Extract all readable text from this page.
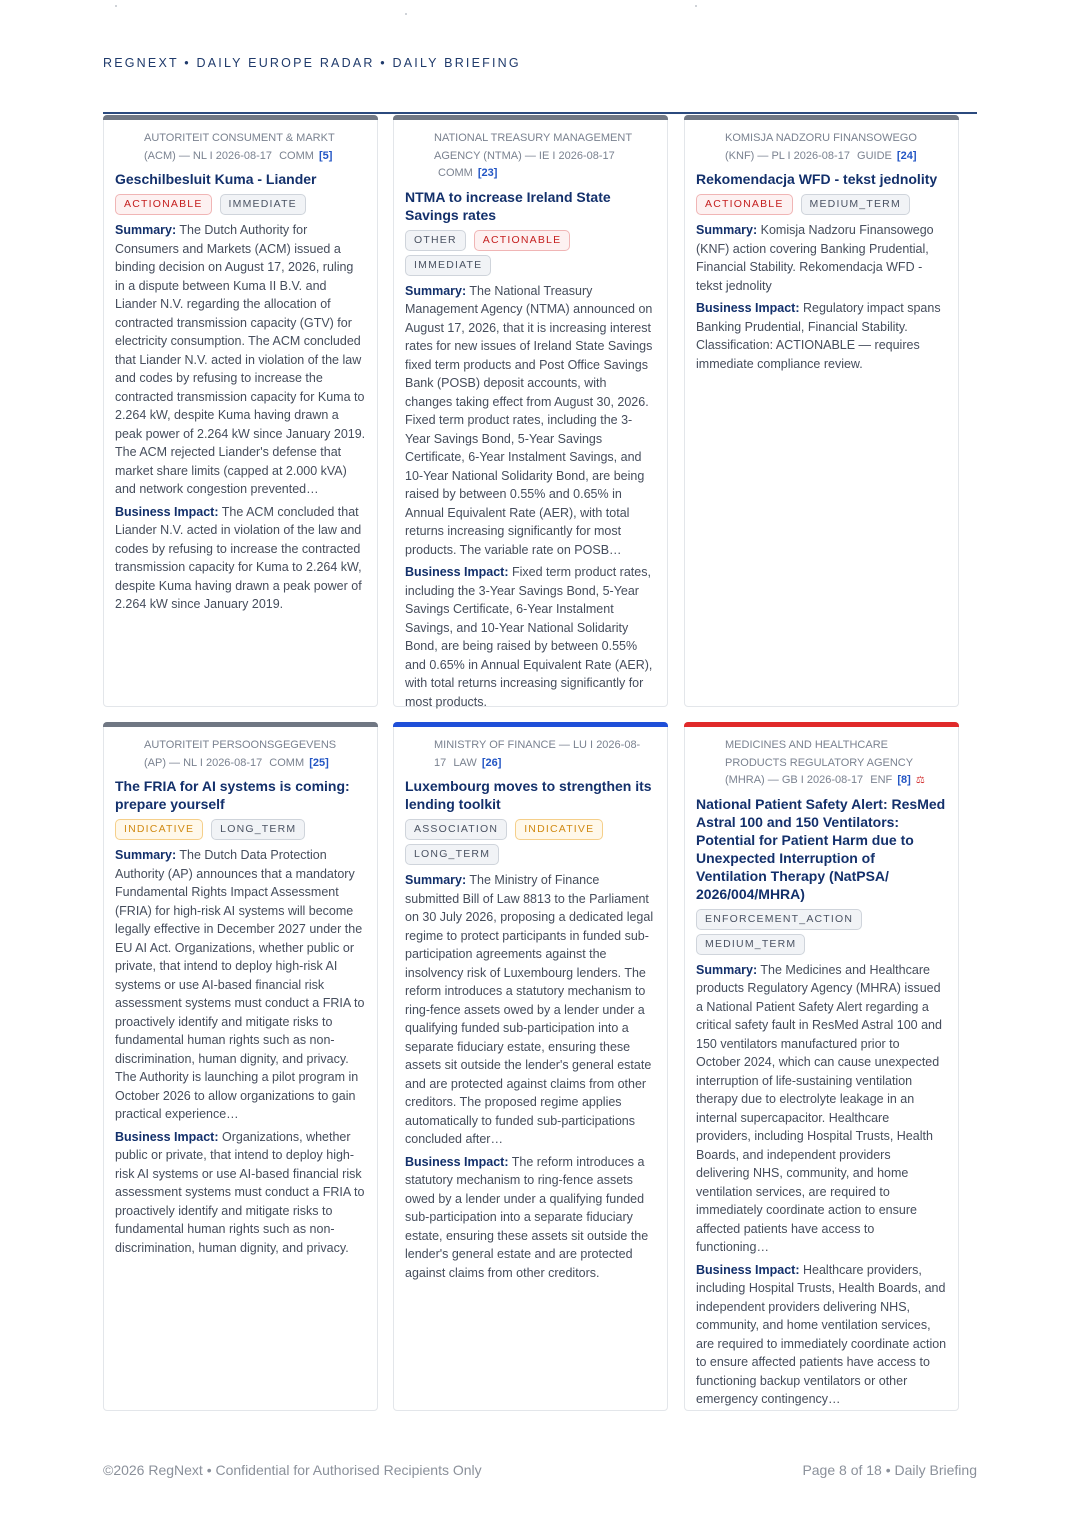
REGNEXT • DAILY EUROPE RADAR • DAILY BRIEFING
AUTORITEIT CONSUMENT & MARKT (ACM) — NL I 2026-08-17 COMM [5]
Geschilbesluit Kuma - Liander
ACTIONABLE	IMMEDIATE

Summary: The Dutch Authority for Consumers and Markets (ACM) issued a binding decision on August 17, 2026, ruling in a dispute between Kuma II B.V. and Liander N.V. regarding the allocation of contracted transmission capacity (GTV) for electricity consumption. The ACM concluded that Liander N.V. acted in violation of the law and codes by refusing to increase the contracted transmission capacity for Kuma to 2.264 kW, despite Kuma having drawn a peak power of 2.264 kW since January 2019. The ACM rejected Liander's defense that market share limits (capped at 2.000 kVA) and network congestion prevented…

Business Impact: The ACM concluded that Liander N.V. acted in violation of the law and codes by refusing to increase the contracted transmission capacity for Kuma to 2.264 kW, despite Kuma having drawn a peak power of 2.264 kW since January 2019.

NATIONAL TREASURY MANAGEMENT AGENCY (NTMA) — IE I 2026-08-17 COMM [23]
NTMA to increase Ireland State Savings rates
OTHER	ACTIONABLE
IMMEDIATE

Summary: The National Treasury Management Agency (NTMA) announced on August 17, 2026, that it is increasing interest rates for new issues of Ireland State Savings fixed term products and Post Office Savings Bank (POSB) deposit accounts, with changes taking effect from August 30, 2026. Fixed term product rates, including the 3-Year Savings Bond, 5-Year Savings Certificate, 6-Year Instalment Savings, and 10-Year National Solidarity Bond, are being raised by between 0.55% and 0.65% in Annual Equivalent Rate (AER), with total returns increasing significantly for most products. The variable rate on POSB…

Business Impact: Fixed term product rates, including the 3-Year Savings Bond, 5-Year Savings Certificate, 6-Year Instalment Savings, and 10-Year National Solidarity Bond, are being raised by between 0.55% and 0.65% in Annual Equivalent Rate (AER), with total returns increasing significantly for most products.

KOMISJA NADZORU FINANSOWEGO (KNF) — PL I 2026-08-17 GUIDE [24]
Rekomendacja WFD - tekst jednolity
ACTIONABLE	MEDIUM_TERM

Summary: Komisja Nadzoru Finansowego (KNF) action covering Banking Prudential, Financial Stability. Rekomendacja WFD - tekst jednolity

Business Impact: Regulatory impact spans Banking Prudential, Financial Stability. Classification: ACTIONABLE — requires immediate compliance review.

AUTORITEIT PERSOONSGEGEVENS (AP) — NL I 2026-08-17 COMM [25]
The FRIA for AI systems is coming: prepare yourself
INDICATIVE	LONG_TERM

Summary: The Dutch Data Protection Authority (AP) announces that a mandatory Fundamental Rights Impact Assessment (FRIA) for high-risk AI systems will become legally effective in December 2027 under the EU AI Act. Organizations, whether public or private, that intend to deploy high-risk AI systems or use AI-based financial risk assessment systems must conduct a FRIA to proactively identify and mitigate risks to fundamental human rights such as non-discrimination, human dignity, and privacy. The Authority is launching a pilot program in October 2026 to allow organizations to gain practical experience…

Business Impact: Organizations, whether public or private, that intend to deploy high-risk AI systems or use AI-based financial risk assessment systems must conduct a FRIA to proactively identify and mitigate risks to fundamental human rights such as non-discrimination, human dignity, and privacy.

MINISTRY OF FINANCE — LU I 2026-08-17 LAW [26]
Luxembourg moves to strengthen its lending toolkit
ASSOCIATION	INDICATIVE
LONG_TERM

Summary: The Ministry of Finance submitted Bill of Law 8813 to the Parliament on 30 July 2026, proposing a dedicated legal regime to protect participants in funded sub-participation agreements against the insolvency risk of Luxembourg lenders. The reform introduces a statutory mechanism to ring-fence assets owed by a lender under a qualifying funded sub-participation into a separate fiduciary estate, ensuring these assets sit outside the lender's general estate and are protected against claims from other creditors. The proposed regime applies automatically to funded sub-participations concluded after…

Business Impact: The reform introduces a statutory mechanism to ring-fence assets owed by a lender under a qualifying funded sub-participation into a separate fiduciary estate, ensuring these assets sit outside the lender's general estate and are protected against claims from other creditors.

MEDICINES AND HEALTHCARE PRODUCTS REGULATORY AGENCY (MHRA) — GB I 2026-08-17 ENF [8] ⚖
National Patient Safety Alert: ResMed Astral 100 and 150 Ventilators: Potential for Patient Harm due to Unexpected Interruption of Ventilation Therapy (NatPSA/ 2026/004/MHRA)
ENFORCEMENT_ACTION
MEDIUM_TERM

Summary: The Medicines and Healthcare products Regulatory Agency (MHRA) issued a National Patient Safety Alert regarding a critical safety fault in ResMed Astral 100 and 150 ventilators manufactured prior to October 2024, which can cause unexpected interruption of life-sustaining ventilation therapy due to electrolyte leakage in an internal supercapacitor. Healthcare providers, including Hospital Trusts, Health Boards, and independent providers delivering NHS, community, and home ventilation services, are required to immediately coordinate action to ensure affected patients have access to functioning…

Business Impact: Healthcare providers, including Hospital Trusts, Health Boards, and independent providers delivering NHS, community, and home ventilation services, are required to immediately coordinate action to ensure affected patients have access to functioning backup ventilators or other emergency contingency…

©2026 RegNext • Confidential for Authorised Recipients Only	Page 8 of 18 • Daily Briefing
